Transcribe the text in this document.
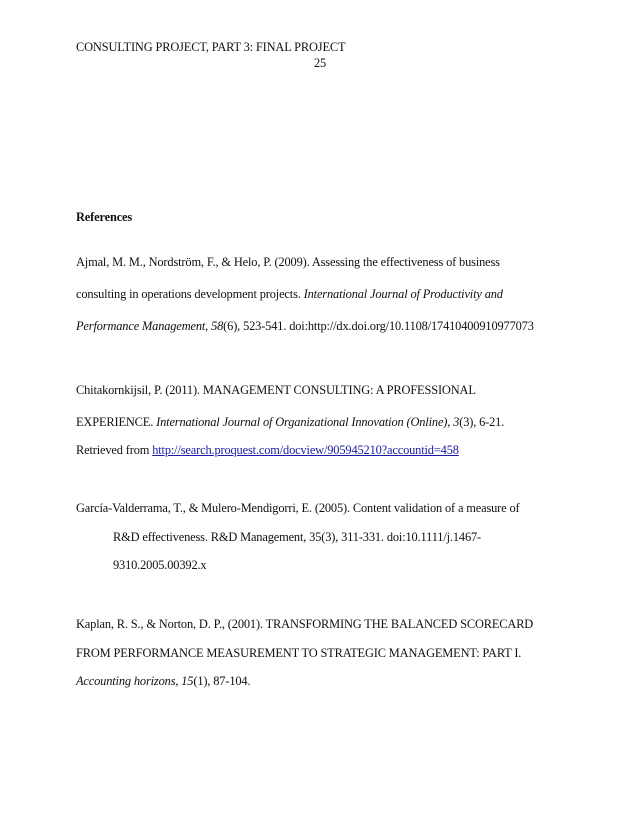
CONSULTING PROJECT, PART 3: FINAL PROJECT
25
References
Ajmal, M. M., Nordström, F., & Helo, P. (2009). Assessing the effectiveness of business
consulting in operations development projects. International Journal of Productivity and
Performance Management, 58(6), 523-541. doi:http://dx.doi.org/10.1108/17410400910977073
Chitakornkijsil, P. (2011). MANAGEMENT CONSULTING: A PROFESSIONAL
EXPERIENCE. International Journal of Organizational Innovation (Online), 3(3), 6-21.
Retrieved from http://search.proquest.com/docview/905945210?accountid=458
García-Valderrama, T., & Mulero-Mendigorri, E. (2005). Content validation of a measure of
R&D effectiveness. R&D Management, 35(3), 311-331. doi:10.1111/j.1467-
9310.2005.00392.x
Kaplan, R. S., & Norton, D. P., (2001). TRANSFORMING THE BALANCED SCORECARD
FROM PERFORMANCE MEASUREMENT TO STRATEGIC MANAGEMENT: PART I.
Accounting horizons, 15(1), 87-104.
